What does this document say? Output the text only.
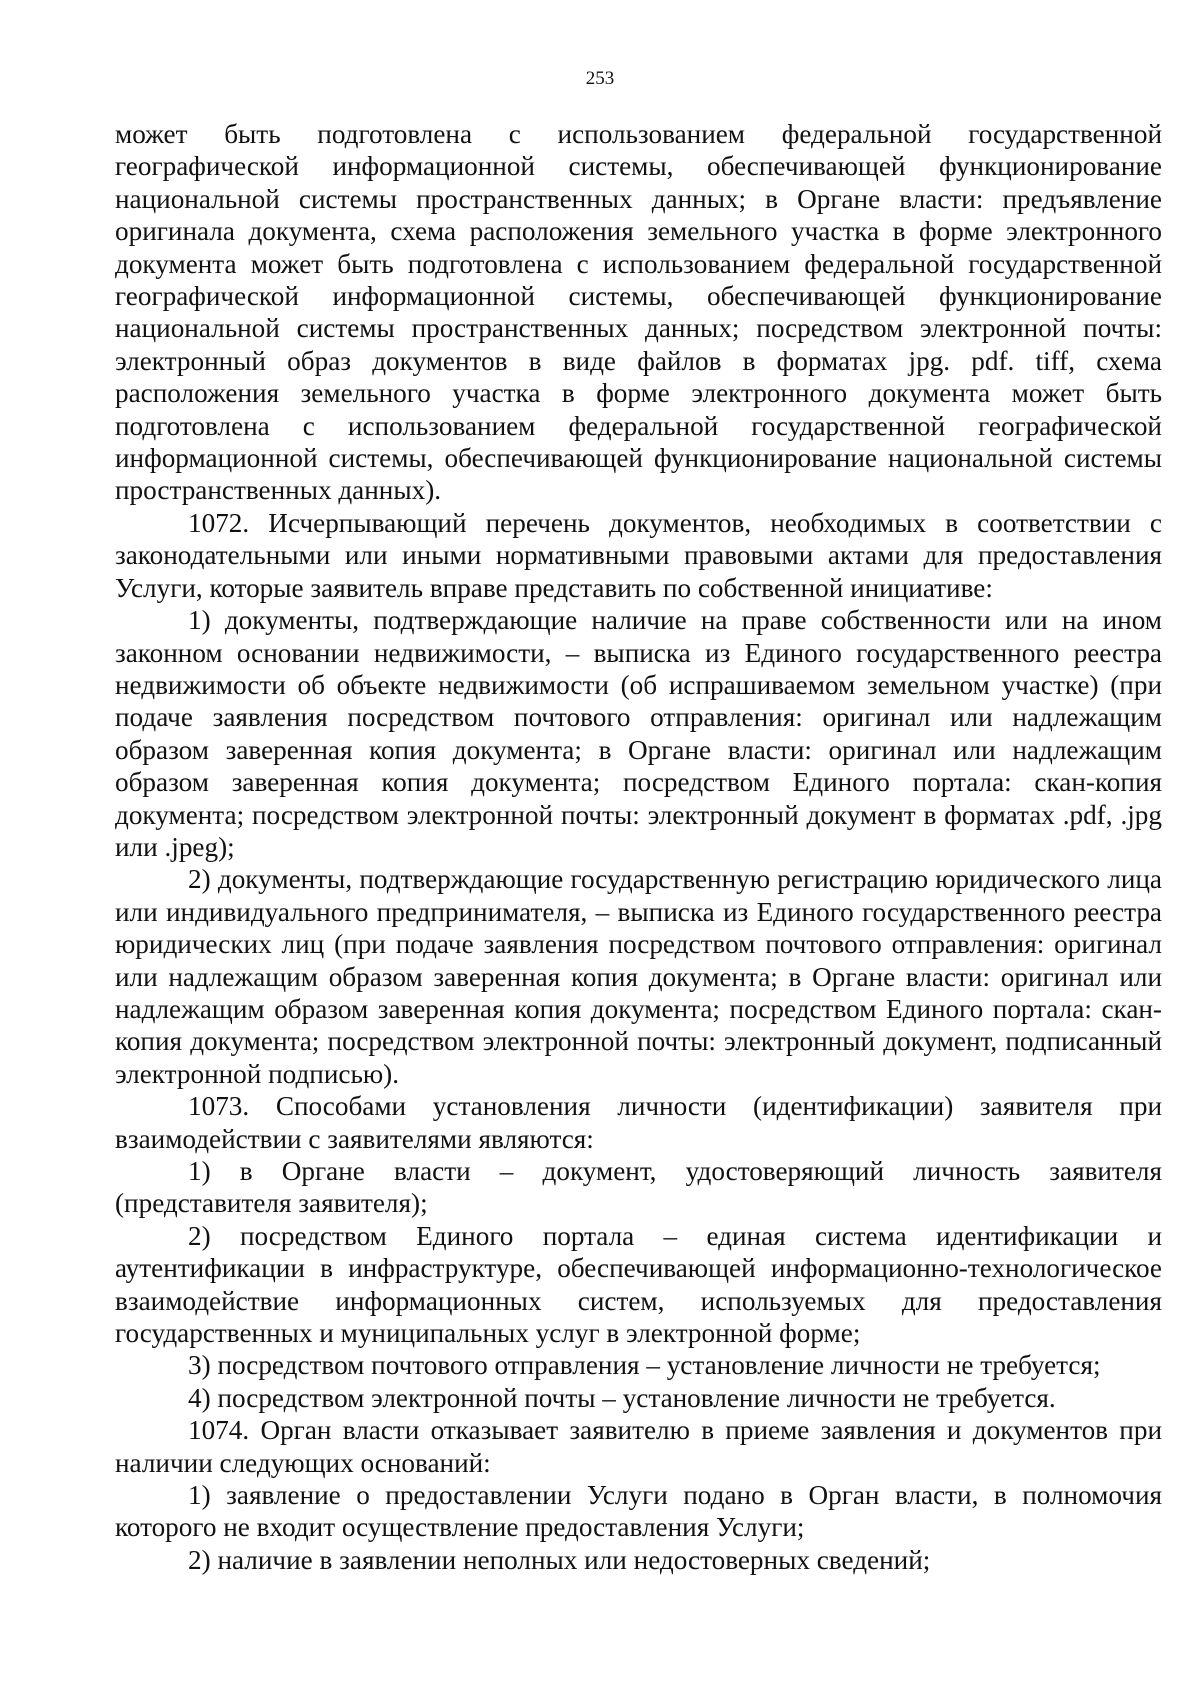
253

может быть подготовлена с использованием федеральной государственной географической информационной системы, обеспечивающей функционирование национальной системы пространственных данных; в Органе власти: предъявление оригинала документа, схема расположения земельного участка в форме электронного документа может быть подготовлена с использованием федеральной государственной географической информационной системы, обеспечивающей функционирование национальной системы пространственных данных; посредством электронной почты: электронный образ документов в виде файлов в форматах jpg. pdf. tiff, схема расположения земельного участка в форме электронного документа может быть подготовлена с использованием федеральной государственной географической информационной системы, обеспечивающей функционирование национальной системы пространственных данных).

1072. Исчерпывающий перечень документов, необходимых в соответствии с законодательными или иными нормативными правовыми актами для предоставления Услуги, которые заявитель вправе представить по собственной инициативе:

1) документы, подтверждающие наличие на праве собственности или на ином законном основании недвижимости, – выписка из Единого государственного реестра недвижимости об объекте недвижимости (об испрашиваемом земельном участке) (при подаче заявления посредством почтового отправления: оригинал или надлежащим образом заверенная копия документа; в Органе власти: оригинал или надлежащим образом заверенная копия документа; посредством Единого портала: скан-копия документа; посредством электронной почты: электронный документ в форматах .pdf, .jpg или .jpeg);

2) документы, подтверждающие государственную регистрацию юридического лица или индивидуального предпринимателя, – выписка из Единого государственного реестра юридических лиц (при подаче заявления посредством почтового отправления: оригинал или надлежащим образом заверенная копия документа; в Органе власти: оригинал или надлежащим образом заверенная копия документа; посредством Единого портала: скан-копия документа; посредством электронной почты: электронный документ, подписанный электронной подписью).

1073. Способами установления личности (идентификации) заявителя при взаимодействии с заявителями являются:

1) в Органе власти – документ, удостоверяющий личность заявителя (представителя заявителя);

2) посредством Единого портала – единая система идентификации и аутентификации в инфраструктуре, обеспечивающей информационно-технологическое взаимодействие информационных систем, используемых для предоставления государственных и муниципальных услуг в электронной форме;

3) посредством почтового отправления – установление личности не требуется;

4) посредством электронной почты – установление личности не требуется.

1074. Орган власти отказывает заявителю в приеме заявления и документов при наличии следующих оснований:

1) заявление о предоставлении Услуги подано в Орган власти, в полномочия которого не входит осуществление предоставления Услуги;

2) наличие в заявлении неполных или недостоверных сведений;
